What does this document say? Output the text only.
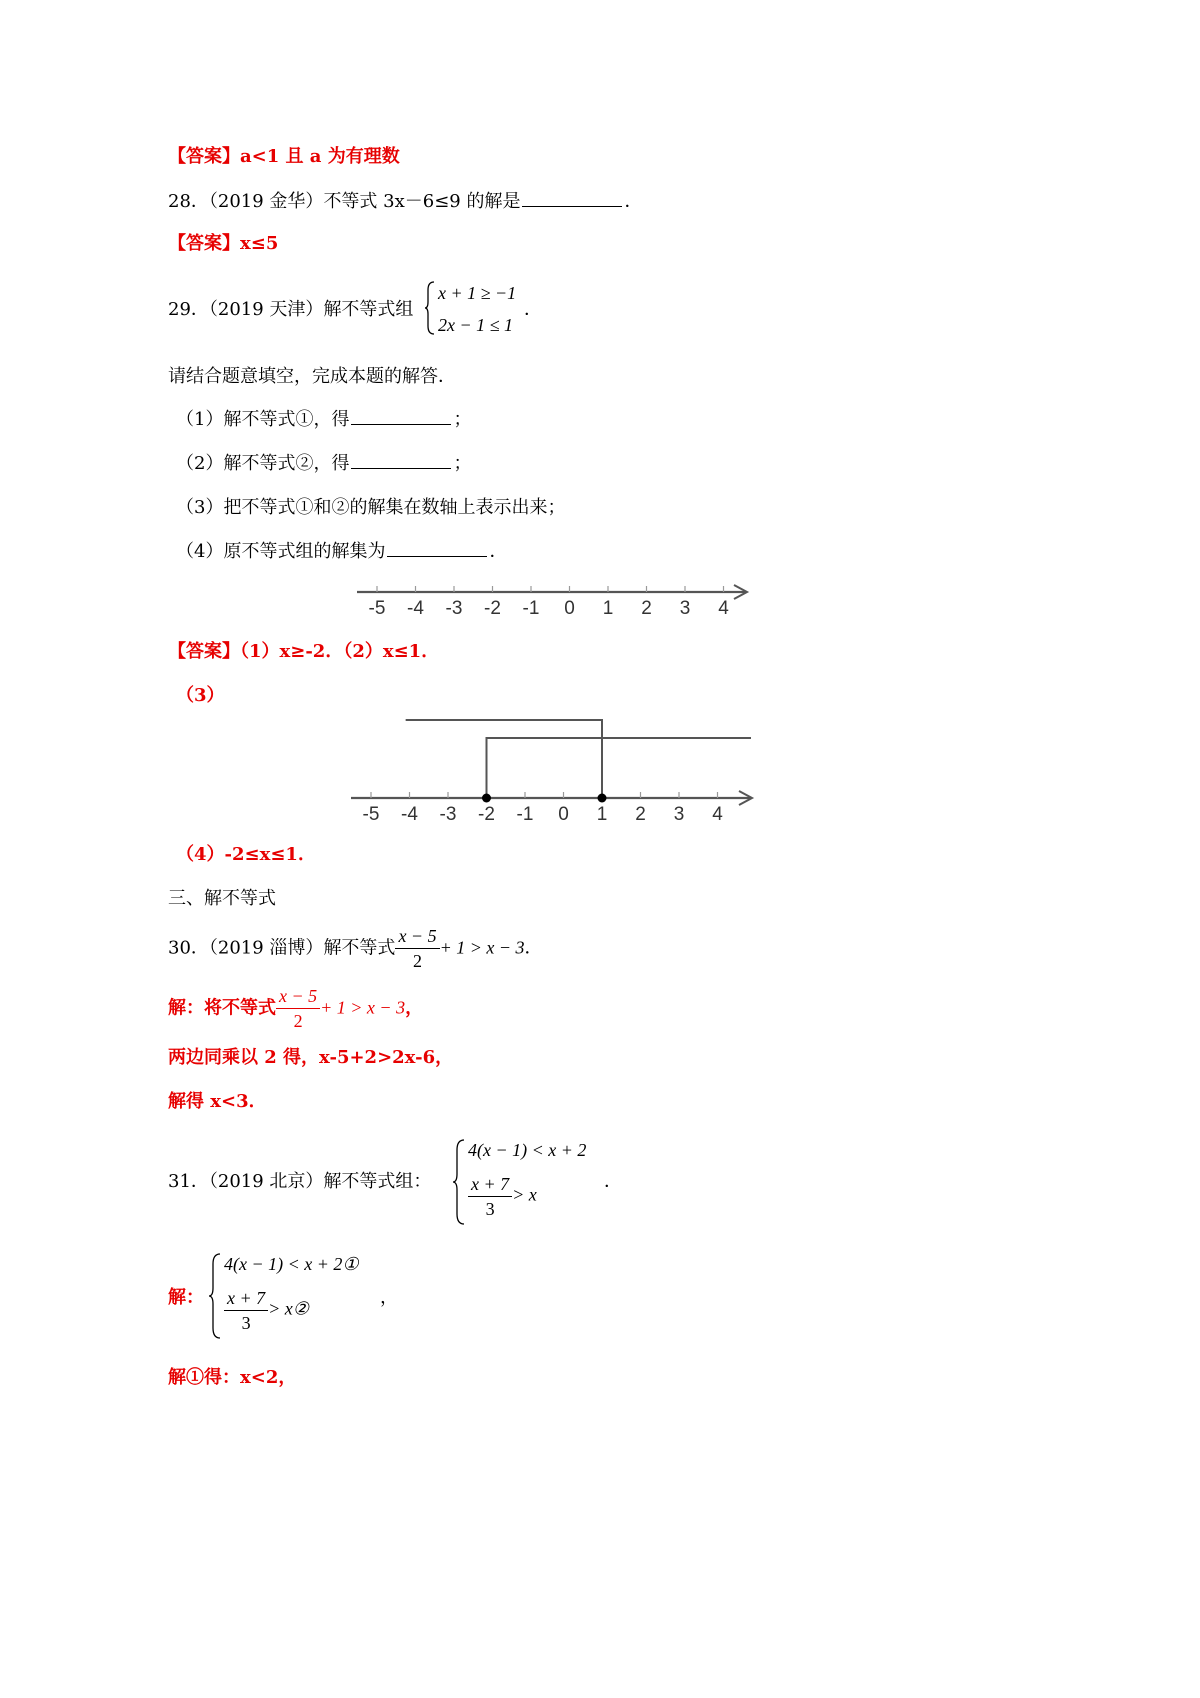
【答案】a<1 且 a 为有理数
28．（2019 金华）不等式 3x－6≤9 的解是	．
【答案】x≤5
29．（2019 天津）解不等式组
x + 1 ≥ −1
2x − 1 ≤ 1
．
请结合题意填空，完成本题的解答．
（1）解不等式①，得	；
（2）解不等式②，得	；
（3）把不等式①和②的解集在数轴上表示出来；
（4）原不等式组的解集为	．
-5 -4 -3 -2 -1 0 1 2 3 4
【答案】（1）x≥-2．（2）x≤1．
（3）
-5 -4 -3 -2 -1 0 1 2 3 4
（4）-2≤x≤1．
三、解不等式
30．（2019 淄博）解不等式 $\frac{x - 5}{2} + 1 > x - 3$．
解：将不等式 $\frac{x - 5}{2} + 1 > x - 3$，
两边同乘以 2 得，x-5+2>2x-6，
解得 x<3．
31．（2019 北京）解不等式组：
4(x − 1) < x + 2
$\frac{x + 7}{3} > x$
．
解：
4(x − 1) < x + 2①
$\frac{x + 7}{3}$ > x②
，
解①得：x<2，
